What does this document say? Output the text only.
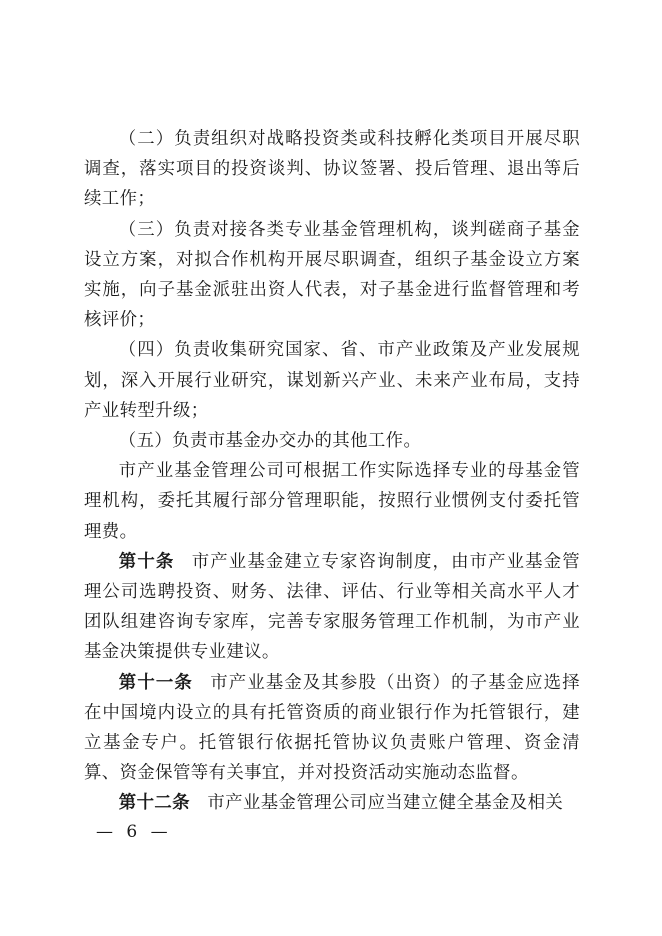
（二）负责组织对战略投资类或科技孵化类项目开展尽职调查，落实项目的投资谈判、协议签署、投后管理、退出等后续工作；

（三）负责对接各类专业基金管理机构，谈判磋商子基金设立方案，对拟合作机构开展尽职调查，组织子基金设立方案实施，向子基金派驻出资人代表，对子基金进行监督管理和考核评价；

（四）负责收集研究国家、省、市产业政策及产业发展规划，深入开展行业研究，谋划新兴产业、未来产业布局，支持产业转型升级；

（五）负责市基金办交办的其他工作。

市产业基金管理公司可根据工作实际选择专业的母基金管理机构，委托其履行部分管理职能，按照行业惯例支付委托管理费。

第十条 市产业基金建立专家咨询制度，由市产业基金管理公司选聘投资、财务、法律、评估、行业等相关高水平人才团队组建咨询专家库，完善专家服务管理工作机制，为市产业基金决策提供专业建议。

第十一条 市产业基金及其参股（出资）的子基金应选择在中国境内设立的具有托管资质的商业银行作为托管银行，建立基金专户。托管银行依据托管协议负责账户管理、资金清算、资金保管等有关事宜，并对投资活动实施动态监督。

第十二条 市产业基金管理公司应当建立健全基金及相关

— 6 —
